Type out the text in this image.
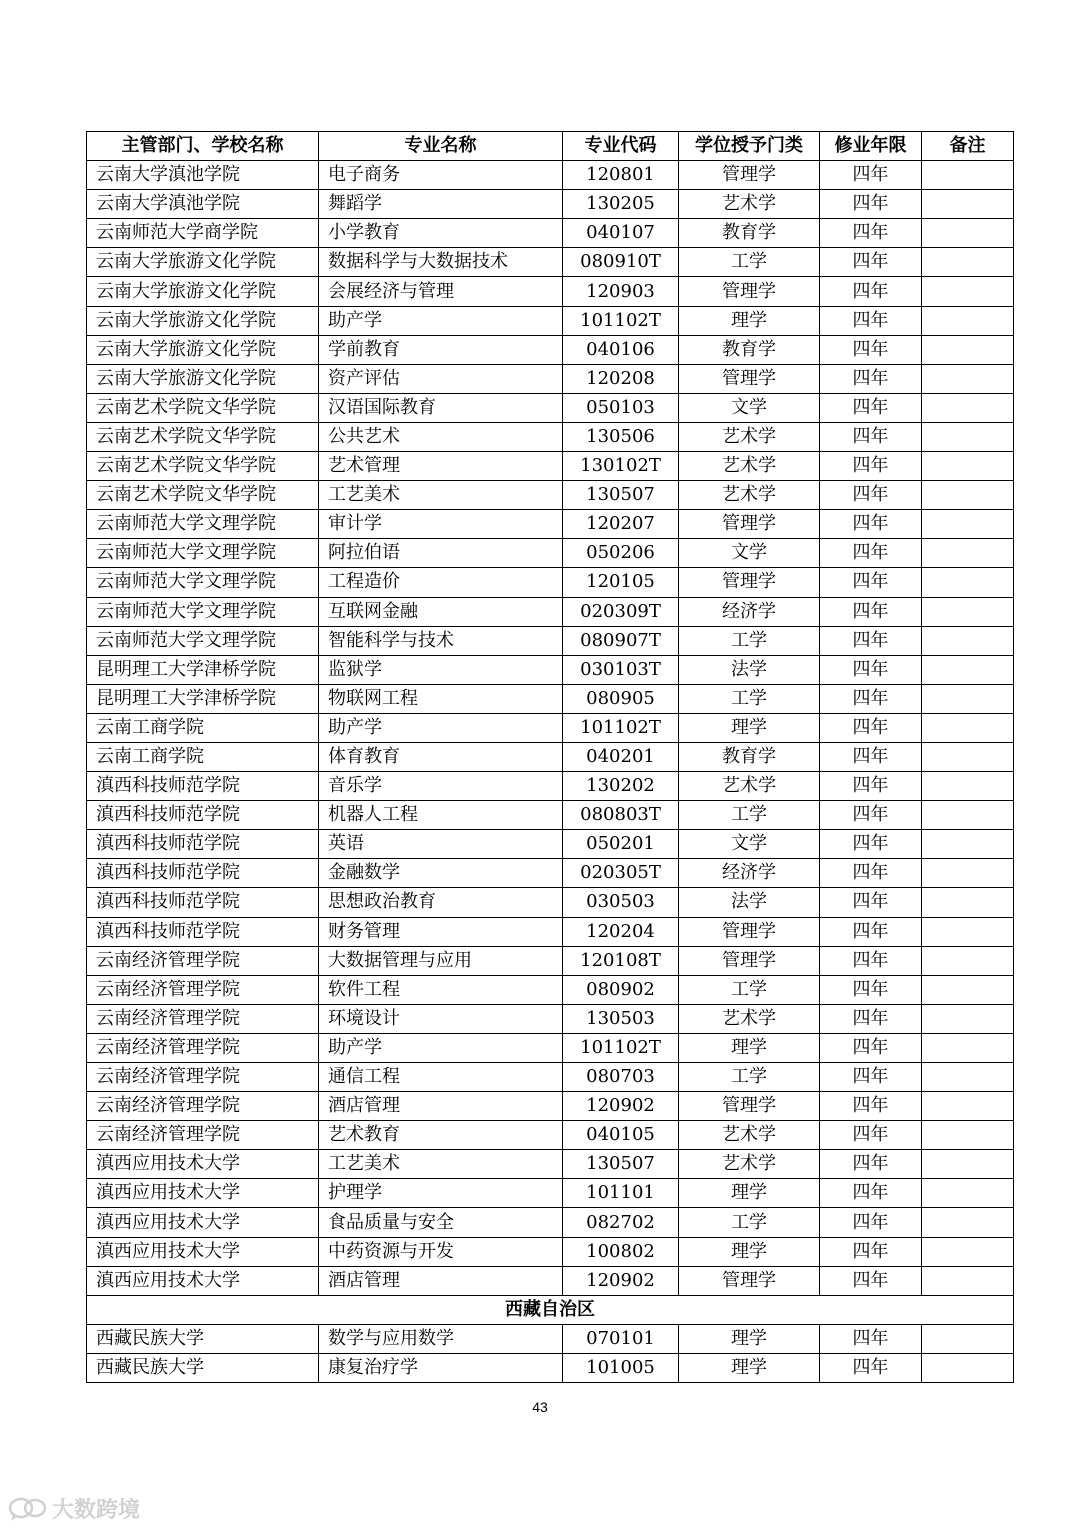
主管部门、学校名称	专业名称	专业代码	学位授予门类	修业年限	备注
云南大学滇池学院	电子商务	120801	管理学	四年	
云南大学滇池学院	舞蹈学	130205	艺术学	四年	
云南师范大学商学院	小学教育	040107	教育学	四年	
云南大学旅游文化学院	数据科学与大数据技术	080910T	工学	四年	
云南大学旅游文化学院	会展经济与管理	120903	管理学	四年	
云南大学旅游文化学院	助产学	101102T	理学	四年	
云南大学旅游文化学院	学前教育	040106	教育学	四年	
云南大学旅游文化学院	资产评估	120208	管理学	四年	
云南艺术学院文华学院	汉语国际教育	050103	文学	四年	
云南艺术学院文华学院	公共艺术	130506	艺术学	四年	
云南艺术学院文华学院	艺术管理	130102T	艺术学	四年	
云南艺术学院文华学院	工艺美术	130507	艺术学	四年	
云南师范大学文理学院	审计学	120207	管理学	四年	
云南师范大学文理学院	阿拉伯语	050206	文学	四年	
云南师范大学文理学院	工程造价	120105	管理学	四年	
云南师范大学文理学院	互联网金融	020309T	经济学	四年	
云南师范大学文理学院	智能科学与技术	080907T	工学	四年	
昆明理工大学津桥学院	监狱学	030103T	法学	四年	
昆明理工大学津桥学院	物联网工程	080905	工学	四年	
云南工商学院	助产学	101102T	理学	四年	
云南工商学院	体育教育	040201	教育学	四年	
滇西科技师范学院	音乐学	130202	艺术学	四年	
滇西科技师范学院	机器人工程	080803T	工学	四年	
滇西科技师范学院	英语	050201	文学	四年	
滇西科技师范学院	金融数学	020305T	经济学	四年	
滇西科技师范学院	思想政治教育	030503	法学	四年	
滇西科技师范学院	财务管理	120204	管理学	四年	
云南经济管理学院	大数据管理与应用	120108T	管理学	四年	
云南经济管理学院	软件工程	080902	工学	四年	
云南经济管理学院	环境设计	130503	艺术学	四年	
云南经济管理学院	助产学	101102T	理学	四年	
云南经济管理学院	通信工程	080703	工学	四年	
云南经济管理学院	酒店管理	120902	管理学	四年	
云南经济管理学院	艺术教育	040105	艺术学	四年	
滇西应用技术大学	工艺美术	130507	艺术学	四年	
滇西应用技术大学	护理学	101101	理学	四年	
滇西应用技术大学	食品质量与安全	082702	工学	四年	
滇西应用技术大学	中药资源与开发	100802	理学	四年	
滇西应用技术大学	酒店管理	120902	管理学	四年	
西藏自治区					
西藏民族大学	数学与应用数学	070101	理学	四年	
西藏民族大学	康复治疗学	101005	理学	四年	
43
大数跨境
